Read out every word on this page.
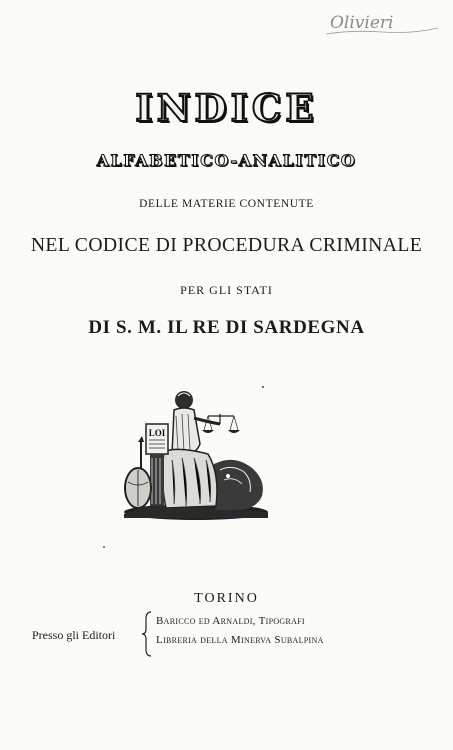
Olivieri
INDICE
ALFABETICO-ANALITICO
DELLE MATERIE CONTENUTE
NEL CODICE DI PROCEDURA CRIMINALE
PER GLI STATI
DI S. M. IL RE DI SARDEGNA
LOI
TORINO
Presso gli Editori
Baricco ed Arnaldi, Tipografi
Libreria della Minerva Subalpina
